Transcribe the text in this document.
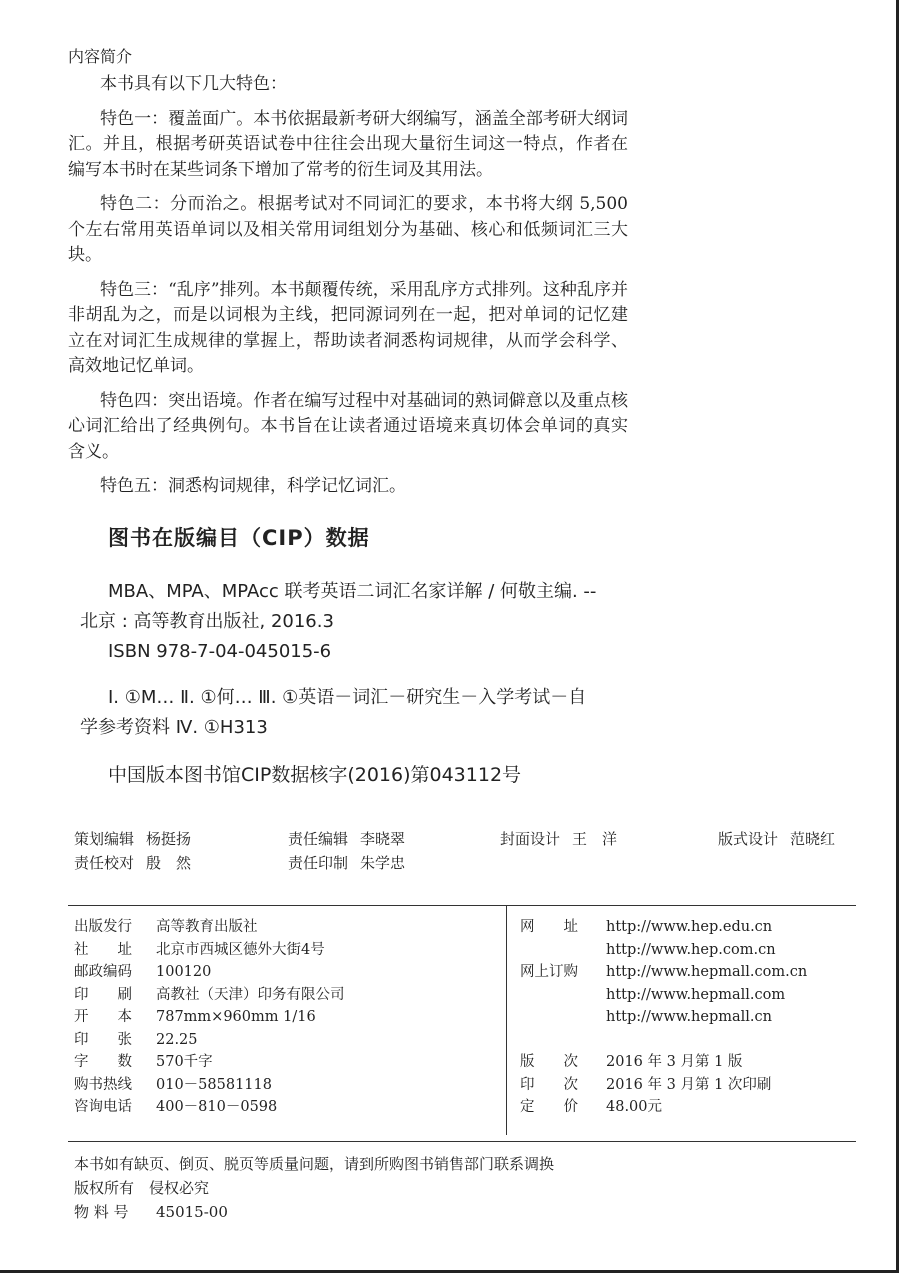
内容简介

本书具有以下几大特色：

特色一：覆盖面广。本书依据最新考研大纲编写，涵盖全部考研大纲词汇。并且，根据考研英语试卷中往往会出现大量衍生词这一特点，作者在编写本书时在某些词条下增加了常考的衍生词及其用法。

特色二：分而治之。根据考试对不同词汇的要求，本书将大纲 5,500 个左右常用英语单词以及相关常用词组划分为基础、核心和低频词汇三大块。

特色三：“乱序”排列。本书颠覆传统，采用乱序方式排列。这种乱序并非胡乱为之，而是以词根为主线，把同源词列在一起，把对单词的记忆建立在对词汇生成规律的掌握上，帮助读者洞悉构词规律，从而学会科学、高效地记忆单词。

特色四：突出语境。作者在编写过程中对基础词的熟词僻意以及重点核心词汇给出了经典例句。本书旨在让读者通过语境来真切体会单词的真实含义。

特色五：洞悉构词规律，科学记忆词汇。

图书在版编目（CIP）数据
MBA、MPA、MPAcc 联考英语二词汇名家详解 / 何敬主编. -- 北京 : 高等教育出版社, 2016.3
ISBN 978-7-04-045015-6
Ⅰ. ①M… Ⅱ. ①何… Ⅲ. ①英语－词汇－研究生－入学考试－自学参考资料 Ⅳ. ①H313
中国版本图书馆CIP数据核字(2016)第043112号
策划编辑 杨挺扬	责任编辑 李晓翠	封面设计 王　洋	版式设计 范晓红
责任校对 殷　然	责任印制 朱学忠
出版发行 高等教育出版社
社　　址 北京市西城区德外大街4号
邮政编码 100120
印　　刷 高教社（天津）印务有限公司
开　　本 787mm×960mm 1/16
印　　张 22.25
字　　数 570千字
购书热线 010－58581118
咨询电话 400－810－0598
网　　址 http://www.hep.edu.cn
http://www.hep.com.cn
网上订购 http://www.hepmall.com.cn
http://www.hepmall.com
http://www.hepmall.cn
版　　次 2016 年 3 月第 1 版
印　　次 2016 年 3 月第 1 次印刷
定　　价 48.00元
本书如有缺页、倒页、脱页等质量问题，请到所购图书销售部门联系调换
版权所有　侵权必究
物 料 号 45015-00
